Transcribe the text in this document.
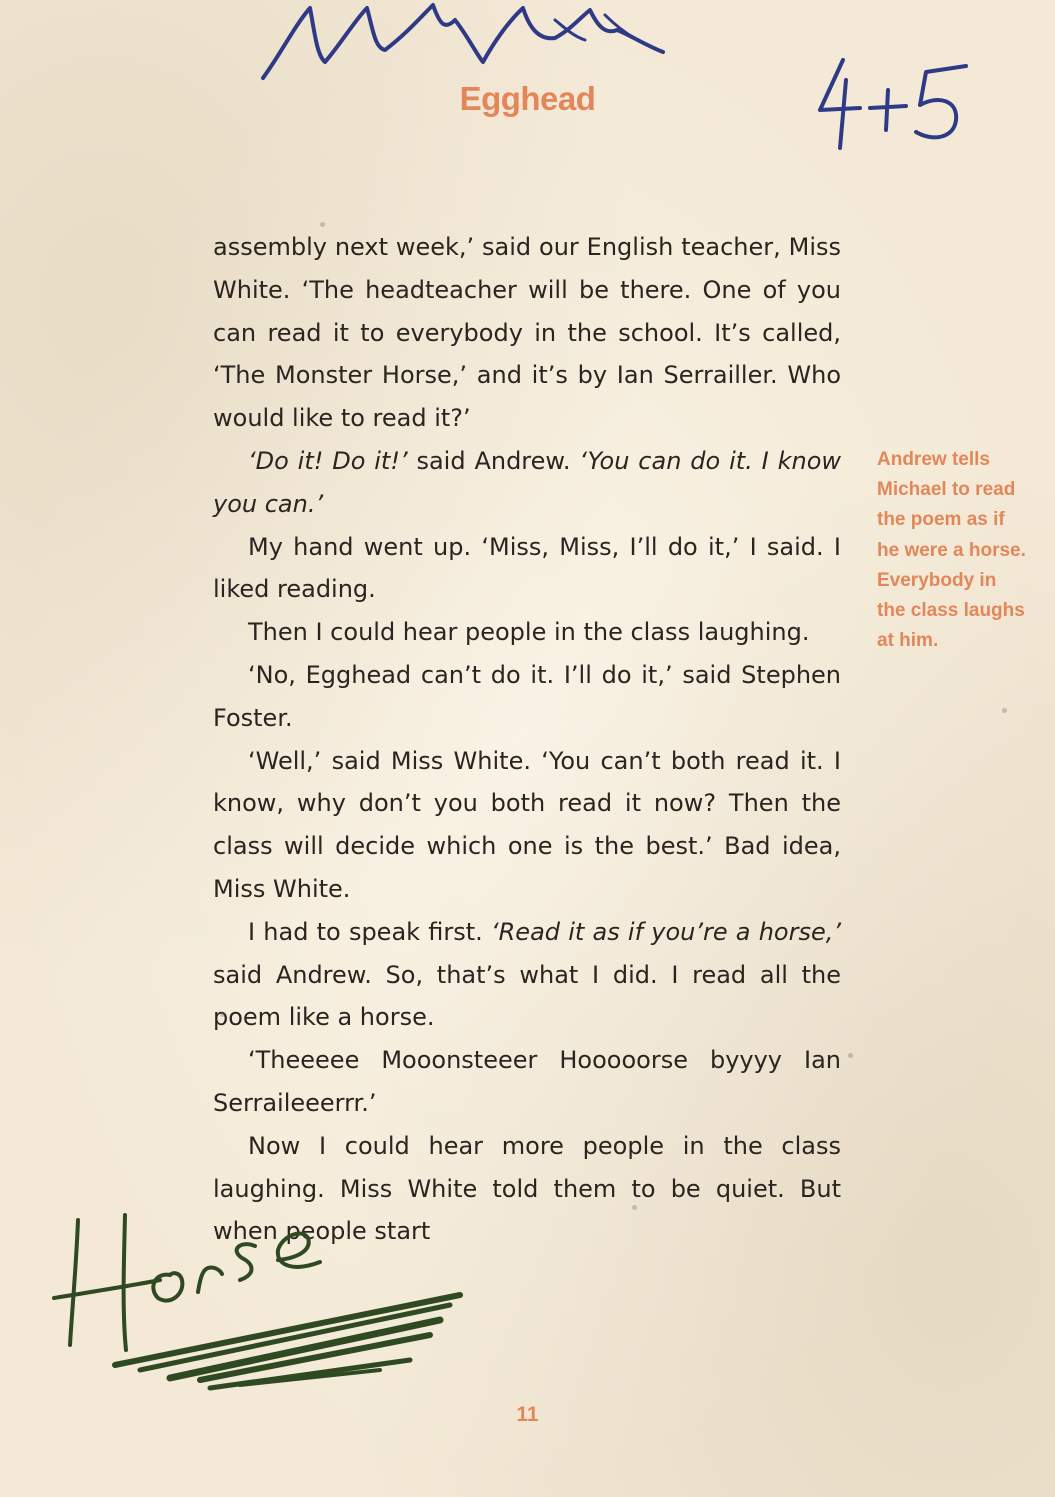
Egghead

assembly next week,’ said our English teacher, Miss White. ‘The headteacher will be there. One of you can read it to everybody in the school. It’s called, ‘The Monster Horse,’ and it’s by Ian Serrailler. Who would like to read it?’

‘Do it! Do it!’ said Andrew. ‘You can do it. I know you can.’

My hand went up. ‘Miss, Miss, I’ll do it,’ I said. I liked reading.

Then I could hear people in the class laughing.

‘No, Egghead can’t do it. I’ll do it,’ said Stephen Foster.

‘Well,’ said Miss White. ‘You can’t both read it. I know, why don’t you both read it now? Then the class will decide which one is the best.’ Bad idea, Miss White.

I had to speak first. ‘Read it as if you’re a horse,’ said Andrew. So, that’s what I did. I read all the poem like a horse.

‘Theeeee Mooonsteeer Hooooorse byyyy Ian Serraileeerrr.’

Now I could hear more people in the class laughing. Miss White told them to be quiet. But when people start

Andrew tells Michael to read the poem as if he were a horse. Everybody in the class laughs at him.
Horse
11
